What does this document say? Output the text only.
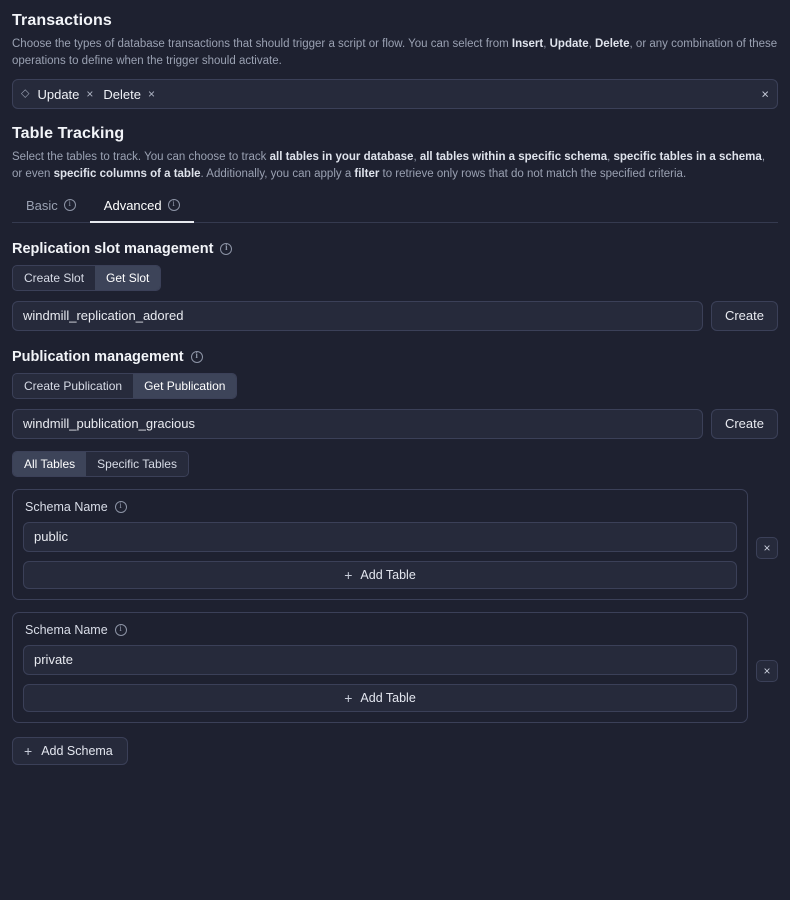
Transactions

Choose the types of database transactions that should trigger a script or flow. You can select from Insert, Update, Delete, or any combination of these operations to define when the trigger should activate.

◇ Update × Delete ×	×
Table Tracking

Select the tables to track. You can choose to track all tables in your database, all tables within a specific schema, specific tables in a schema, or even specific columns of a table. Additionally, you can apply a filter to retrieve only rows that do not match the specified criteria.

Basic i	Advanced
i
Replication slot management
i
Create Slot	Get Slot
windmill_replication_adored
Create
Publication management
i
Create Publication	Get Publication
windmill_publication_gracious
Create
All Tables	Specific Tables
Schema Name
i
public
+ Add Table
×
Schema Name
i
private
+ Add Table
×
+ Add Schema
